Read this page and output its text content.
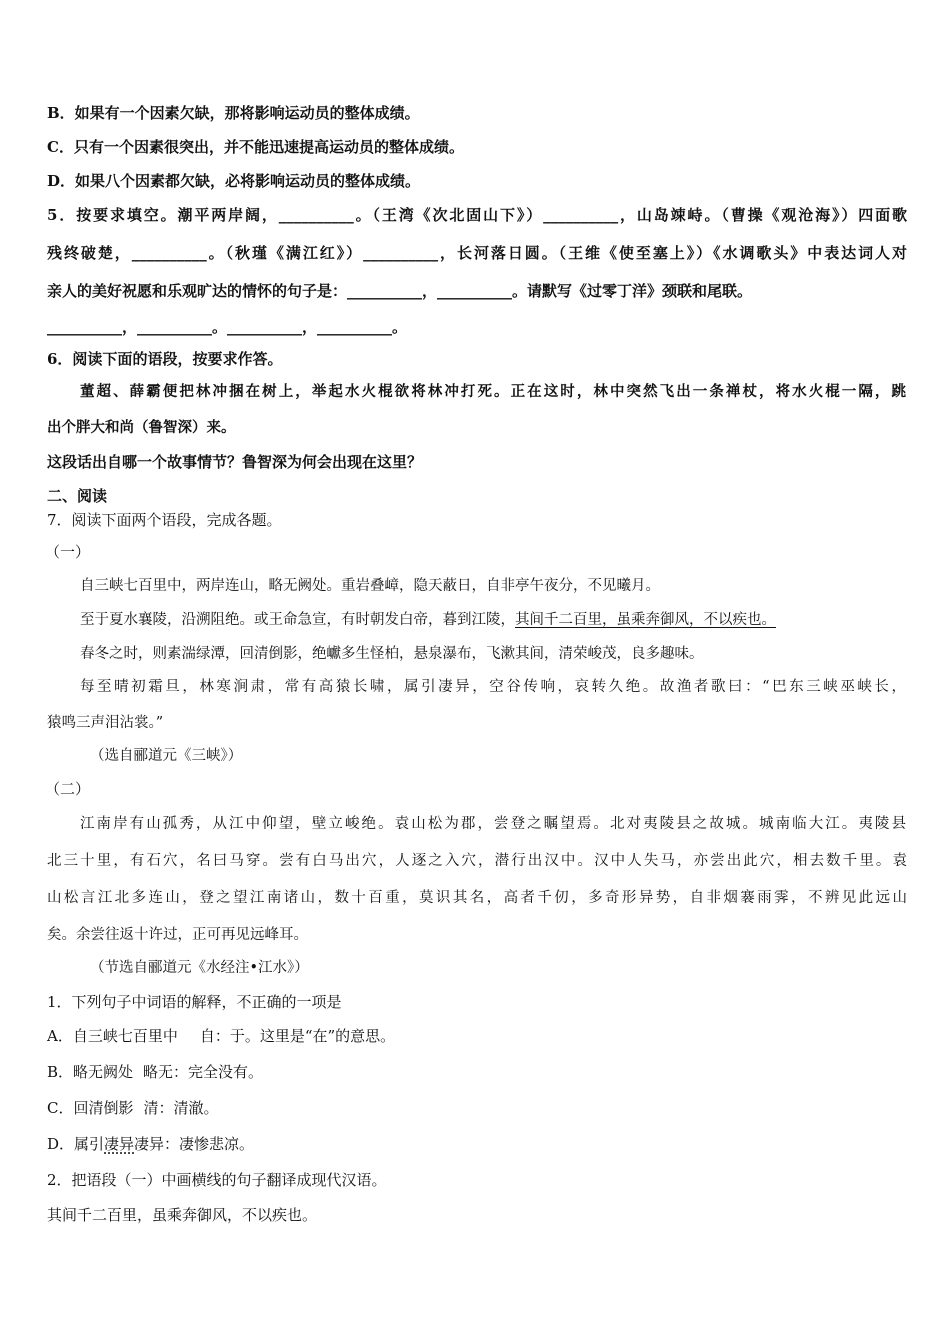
B．如果有一个因素欠缺，那将影响运动员的整体成绩。
C．只有一个因素很突出，并不能迅速提高运动员的整体成绩。
D．如果八个因素都欠缺，必将影响运动员的整体成绩。
5．按要求填空。潮平两岸阔，__________。（王湾《次北固山下》）__________，山岛竦峙。（曹操《观沧海》）四面歌
残终破楚，__________。（秋瑾《满江红》）__________，长河落日圆。（王维《使至塞上》）《水调歌头》中表达词人对
亲人的美好祝愿和乐观旷达的情怀的句子是：__________，__________。请默写《过零丁洋》颈联和尾联。
__________，__________。__________，__________。
6．阅读下面的语段，按要求作答。
董超、薛霸便把林冲捆在树上，举起水火棍欲将林冲打死。正在这时，林中突然飞出一条禅杖，将水火棍一隔，跳
出个胖大和尚（鲁智深）来。
这段话出自哪一个故事情节？鲁智深为何会出现在这里？
二、阅读
7．阅读下面两个语段，完成各题。
（一）
自三峡七百里中，两岸连山，略无阙处。重岩叠嶂，隐天蔽日，自非亭午夜分，不见曦月。
至于夏水襄陵，沿溯阻绝。或王命急宣，有时朝发白帝，暮到江陵，其间千二百里，虽乘奔御风，不以疾也。
春冬之时，则素湍绿潭，回清倒影，绝巘多生怪柏，悬泉瀑布，飞漱其间，清荣峻茂，良多趣味。
每至晴初霜旦，林寒涧肃，常有高猿长啸，属引凄异，空谷传响，哀转久绝。故渔者歌曰：“巴东三峡巫峡长，
猿鸣三声泪沾裳。”
（选自郦道元《三峡》）
（二）
江南岸有山孤秀，从江中仰望，壁立峻绝。袁山松为郡，尝登之瞩望焉。北对夷陵县之故城。城南临大江。夷陵县
北三十里，有石穴，名曰马穿。尝有白马出穴，人逐之入穴，潜行出汉中。汉中人失马，亦尝出此穴，相去数千里。袁
山松言江北多连山，登之望江南诸山，数十百重，莫识其名，高者千仞，多奇形异势，自非烟褰雨霁，不辨见此远山
矣。余尝往返十许过，正可再见远峰耳。
（节选自郦道元《水经注•江水》）
1．下列句子中词语的解释，不正确的一项是
A．自三峡七百里中 自：于。这里是“在”的意思。
B．略无阙处 略无：完全没有。
C．回清倒影 清：清澈。
D．属引凄异凄异：凄惨悲凉。
2．把语段（一）中画横线的句子翻译成现代汉语。
其间千二百里，虽乘奔御风，不以疾也。
